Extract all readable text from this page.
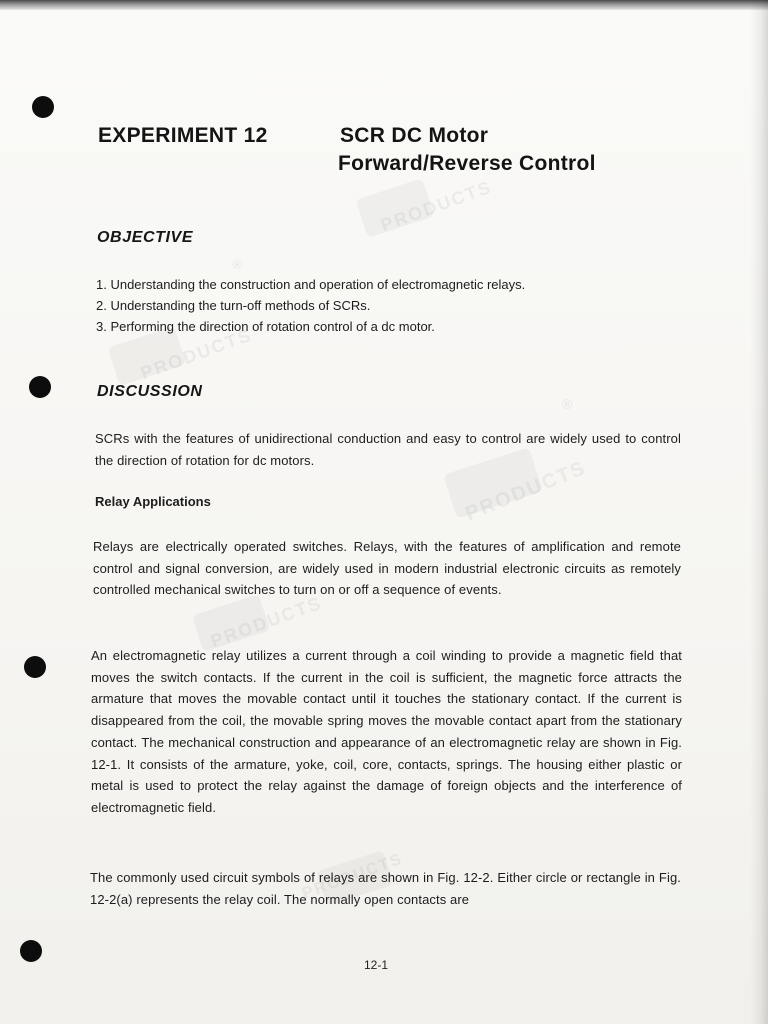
PRODUCTS
®
PRODUCTS
PRODUCTS
®
PRODUCTS
PRODUCTS
EXPERIMENT 12	SCR DC Motor
Forward/Reverse Control
OBJECTIVE
1. Understanding the construction and operation of electromagnetic relays.
2. Understanding the turn-off methods of SCRs.
3. Performing the direction of rotation control of a dc motor.
DISCUSSION

SCRs with the features of unidirectional conduction and easy to control are widely used to control the direction of rotation for dc motors.

Relay Applications

Relays are electrically operated switches. Relays, with the features of amplification and remote control and signal conversion, are widely used in modern industrial electronic circuits as remotely controlled mechanical switches to turn on or off a sequence of events.

An electromagnetic relay utilizes a current through a coil winding to provide a magnetic field that moves the switch contacts. If the current in the coil is sufficient, the magnetic force attracts the armature that moves the movable contact until it touches the stationary contact. If the current is disappeared from the coil, the movable spring moves the movable contact apart from the stationary contact. The mechanical construction and appearance of an electromagnetic relay are shown in Fig. 12-1. It consists of the armature, yoke, coil, core, contacts, springs. The housing either plastic or metal is used to protect the relay against the damage of foreign objects and the interference of electromagnetic field.

The commonly used circuit symbols of relays are shown in Fig. 12-2. Either circle or rectangle in Fig. 12-2(a) represents the relay coil. The normally open contacts are

12-1
